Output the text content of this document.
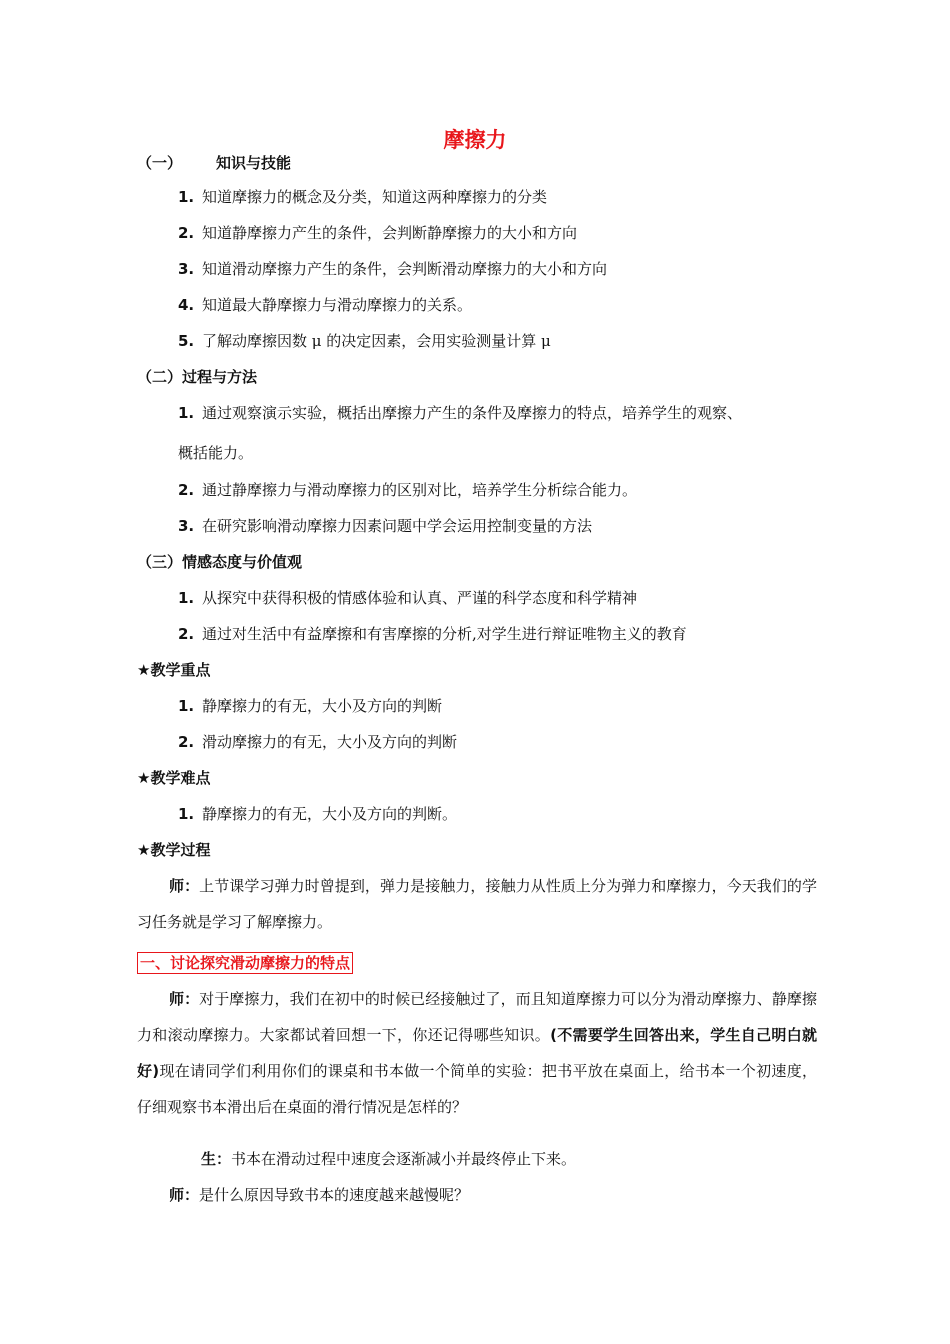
摩擦力
（一） 知识与技能
1. 知道摩擦力的概念及分类，知道这两种摩擦力的分类
2. 知道静摩擦力产生的条件，会判断静摩擦力的大小和方向
3. 知道滑动摩擦力产生的条件，会判断滑动摩擦力的大小和方向
4. 知道最大静摩擦力与滑动摩擦力的关系。
5. 了解动摩擦因数 μ 的决定因素，会用实验测量计算 μ
（二）过程与方法
1. 通过观察演示实验，概括出摩擦力产生的条件及摩擦力的特点，培养学生的观察、
概括能力。
2. 通过静摩擦力与滑动摩擦力的区别对比，培养学生分析综合能力。
3. 在研究影响滑动摩擦力因素问题中学会运用控制变量的方法
（三）情感态度与价值观
1. 从探究中获得积极的情感体验和认真、严谨的科学态度和科学精神
2. 通过对生活中有益摩擦和有害摩擦的分析,对学生进行辩证唯物主义的教育
★教学重点
1. 静摩擦力的有无，大小及方向的判断
2. 滑动摩擦力的有无，大小及方向的判断
★教学难点
1. 静摩擦力的有无，大小及方向的判断。
★教学过程
师：上节课学习弹力时曾提到，弹力是接触力，接触力从性质上分为弹力和摩擦力，今天我们的学习任务就是学习了解摩擦力。
一、讨论探究滑动摩擦力的特点
师：对于摩擦力，我们在初中的时候已经接触过了，而且知道摩擦力可以分为滑动摩擦力、静摩擦力和滚动摩擦力。大家都试着回想一下，你还记得哪些知识。(不需要学生回答出来，学生自己明白就好)现在请同学们利用你们的课桌和书本做一个简单的实验：把书平放在桌面上，给书本一个初速度，仔细观察书本滑出后在桌面的滑行情况是怎样的？
生：书本在滑动过程中速度会逐渐减小并最终停止下来。
师：是什么原因导致书本的速度越来越慢呢？
